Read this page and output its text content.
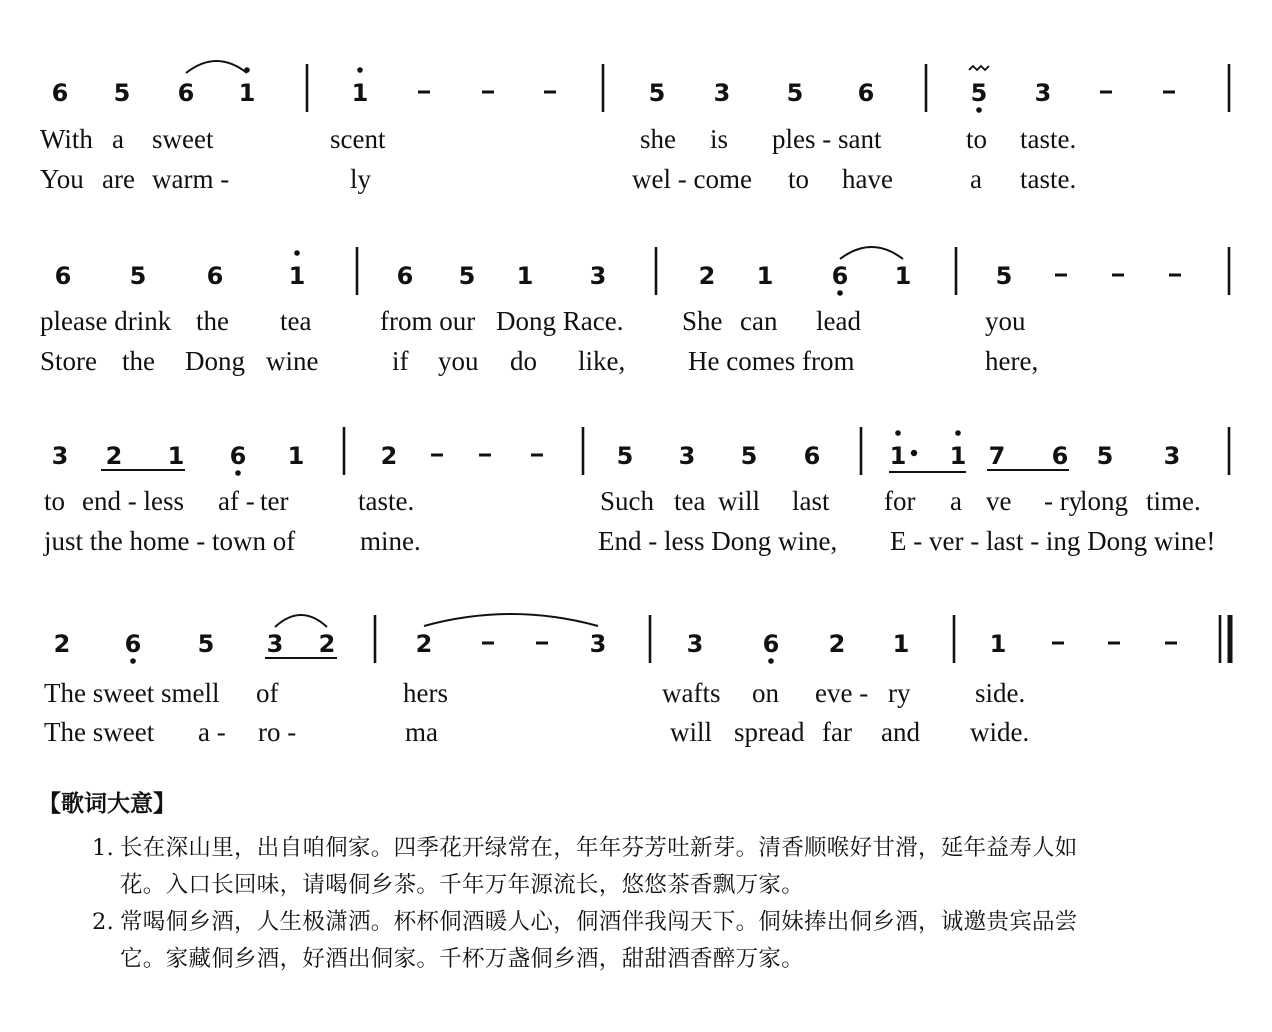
6 5 6 1	1	5 3 5 6	5 3
With a sweet	scent	she is ples - sant	to taste.
You are warm -	ly	wel - come to have	a taste.
6 5	6	1	6 5 1 3	2 1 6 1	5
please drink the tea	from our Dong Race. She can lead	you
Store the Dong wine	if you do like, He comes from	here,
3 2 1 6 1	2	5 3 5 6	1 1 7 6 5 3
to end - less af - ter	taste.	Such tea will last for a ve - ry
long time.
just the home - town of mine.	End - less Dong wine, E - ver - last - ing Dong wine!
2 6 5 3 2	2	3	3 6 2 1	1
The sweet smell of	hers	wafts on eve - ry side.
The sweet a - ro -	ma	will spread far and wide.
【歌词大意】
1. 长在深山里，出自咱侗家。四季花开绿常在，年年芬芳吐新芽。清香顺喉好甘滑，延年益寿人如
花。入口长回味，请喝侗乡茶。千年万年源流长，悠悠茶香飘万家。
2. 常喝侗乡酒，人生极潇洒。杯杯侗酒暖人心，侗酒伴我闯天下。侗妹捧出侗乡酒，诚邀贵宾品尝
它。家藏侗乡酒，好酒出侗家。千杯万盏侗乡酒，甜甜酒香醉万家。
